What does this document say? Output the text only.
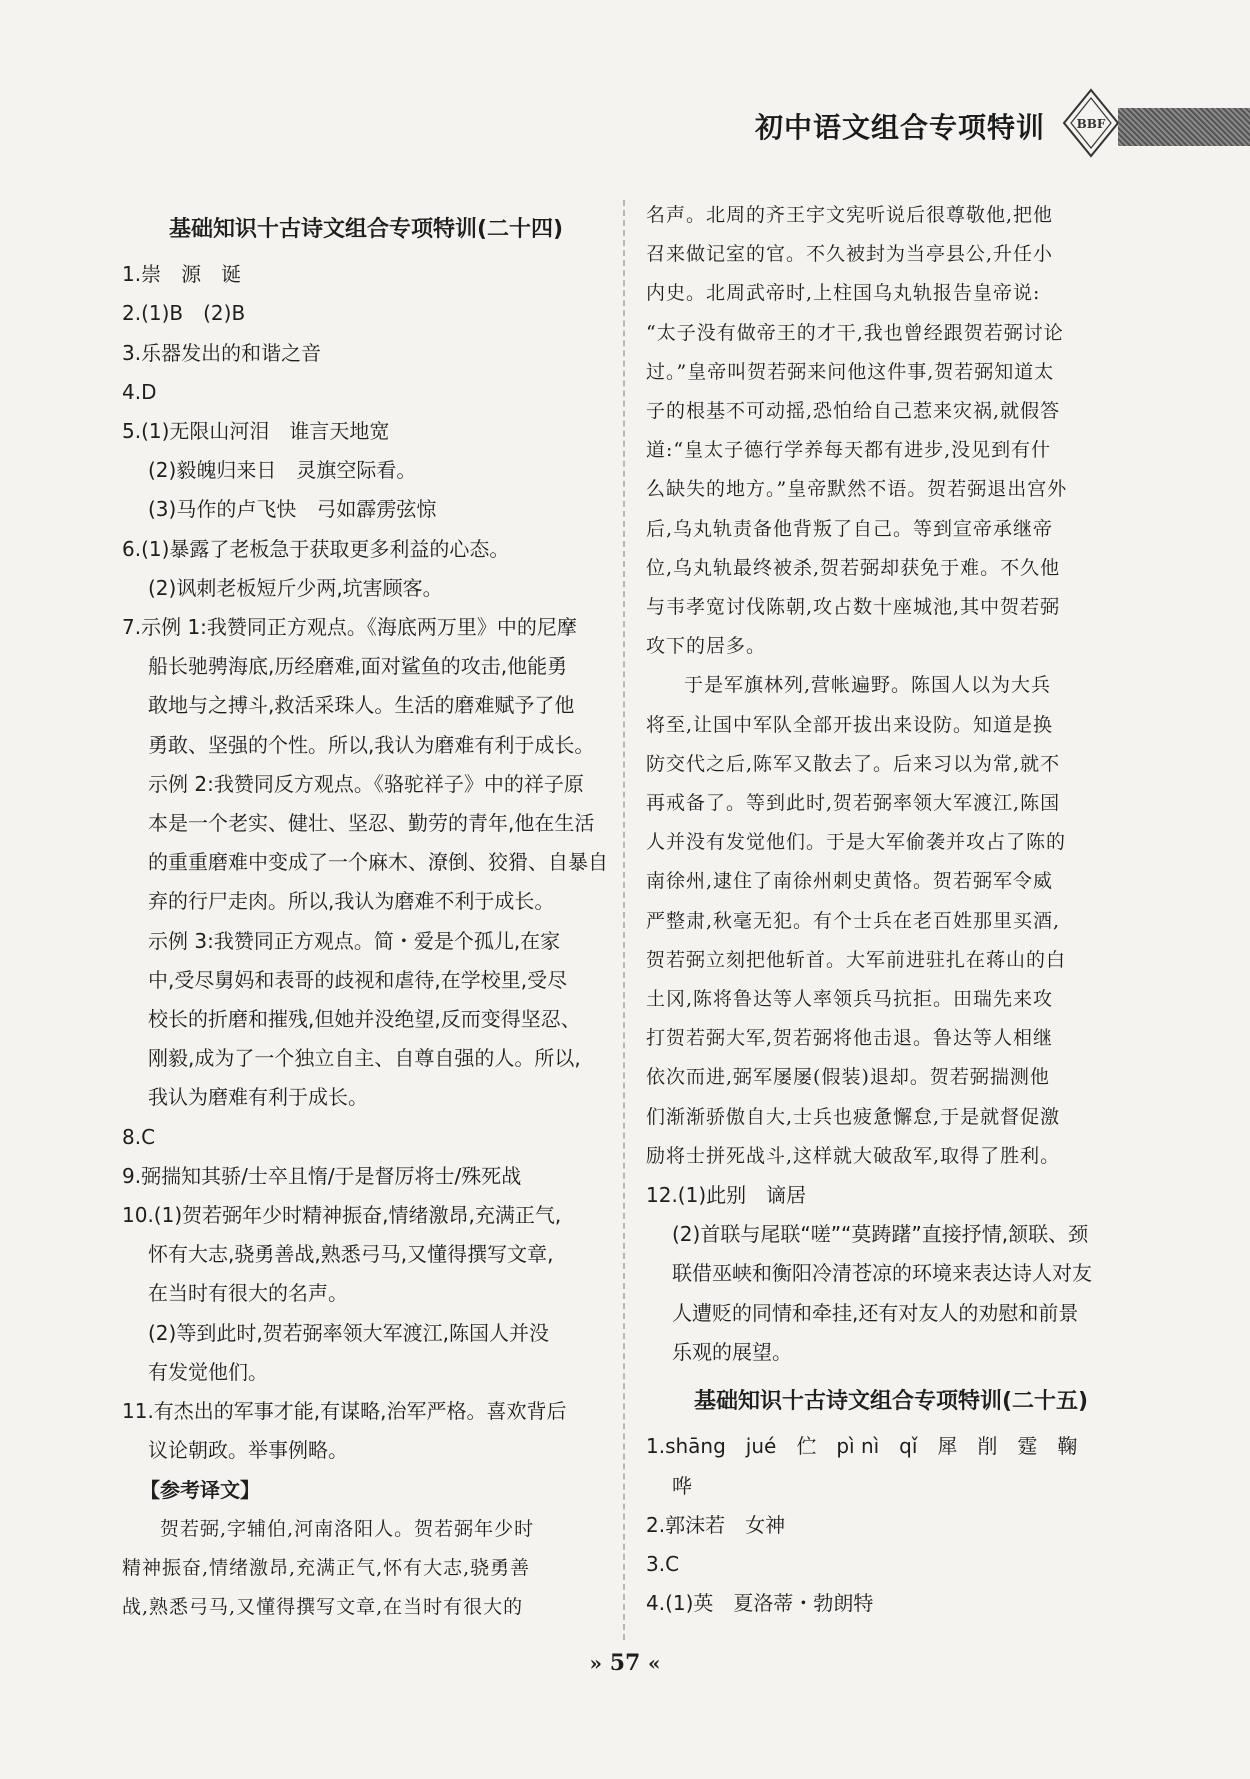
初中语文组合专项特训	BBF
基础知识十古诗文组合专项特训(二十四)
1.崇　源　诞
2.(1)B　(2)B
3.乐器发出的和谐之音
4.D
5.(1)无限山河泪　谁言天地宽
(2)毅魄归来日　灵旗空际看。
(3)马作的卢飞快　弓如霹雳弦惊
6.(1)暴露了老板急于获取更多利益的心态。
(2)讽刺老板短斤少两,坑害顾客。
7.示例 1:我赞同正方观点。《海底两万里》中的尼摩
船长驰骋海底,历经磨难,面对鲨鱼的攻击,他能勇
敢地与之搏斗,救活采珠人。生活的磨难赋予了他
勇敢、坚强的个性。所以,我认为磨难有利于成长。
示例 2:我赞同反方观点。《骆驼祥子》中的祥子原
本是一个老实、健壮、坚忍、勤劳的青年,他在生活
的重重磨难中变成了一个麻木、潦倒、狡猾、自暴自
弃的行尸走肉。所以,我认为磨难不利于成长。
示例 3:我赞同正方观点。简・爱是个孤儿,在家
中,受尽舅妈和表哥的歧视和虐待,在学校里,受尽
校长的折磨和摧残,但她并没绝望,反而变得坚忍、
刚毅,成为了一个独立自主、自尊自强的人。所以,
我认为磨难有利于成长。
8.C
9.弼揣知其骄/士卒且惰/于是督厉将士/殊死战
10.(1)贺若弼年少时精神振奋,情绪激昂,充满正气,
怀有大志,骁勇善战,熟悉弓马,又懂得撰写文章,
在当时有很大的名声。
(2)等到此时,贺若弼率领大军渡江,陈国人并没
有发觉他们。
11.有杰出的军事才能,有谋略,治军严格。喜欢背后
议论朝政。举事例略。
【参考译文】
贺若弼,字辅伯,河南洛阳人。贺若弼年少时
精神振奋,情绪激昂,充满正气,怀有大志,骁勇善
战,熟悉弓马,又懂得撰写文章,在当时有很大的
名声。北周的齐王宇文宪听说后很尊敬他,把他
召来做记室的官。不久被封为当亭县公,升任小
内史。北周武帝时,上柱国乌丸轨报告皇帝说:
“太子没有做帝王的才干,我也曾经跟贺若弼讨论
过。”皇帝叫贺若弼来问他这件事,贺若弼知道太
子的根基不可动摇,恐怕给自己惹来灾祸,就假答
道:“皇太子德行学养每天都有进步,没见到有什
么缺失的地方。”皇帝默然不语。贺若弼退出宫外
后,乌丸轨责备他背叛了自己。等到宣帝承继帝
位,乌丸轨最终被杀,贺若弼却获免于难。不久他
与韦孝宽讨伐陈朝,攻占数十座城池,其中贺若弼
攻下的居多。
于是军旗林列,营帐遍野。陈国人以为大兵
将至,让国中军队全部开拔出来设防。知道是换
防交代之后,陈军又散去了。后来习以为常,就不
再戒备了。等到此时,贺若弼率领大军渡江,陈国
人并没有发觉他们。于是大军偷袭并攻占了陈的
南徐州,逮住了南徐州刺史黄恪。贺若弼军令威
严整肃,秋毫无犯。有个士兵在老百姓那里买酒,
贺若弼立刻把他斩首。大军前进驻扎在蒋山的白
土冈,陈将鲁达等人率领兵马抗拒。田瑞先来攻
打贺若弼大军,贺若弼将他击退。鲁达等人相继
依次而进,弼军屡屡(假装)退却。贺若弼揣测他
们渐渐骄傲自大,士兵也疲惫懈怠,于是就督促激
励将士拼死战斗,这样就大破敌军,取得了胜利。
12.(1)此别　谪居
(2)首联与尾联“嗟”“莫踌躇”直接抒情,颔联、颈
联借巫峡和衡阳冷清苍凉的环境来表达诗人对友
人遭贬的同情和牵挂,还有对友人的劝慰和前景
乐观的展望。
基础知识十古诗文组合专项特训(二十五)
1.shāng　jué　伫　pì nì　qǐ　犀　削　霆　鞠
哗
2.郭沫若　女神
3.C
4.(1)英　夏洛蒂・勃朗特
» 57 «
